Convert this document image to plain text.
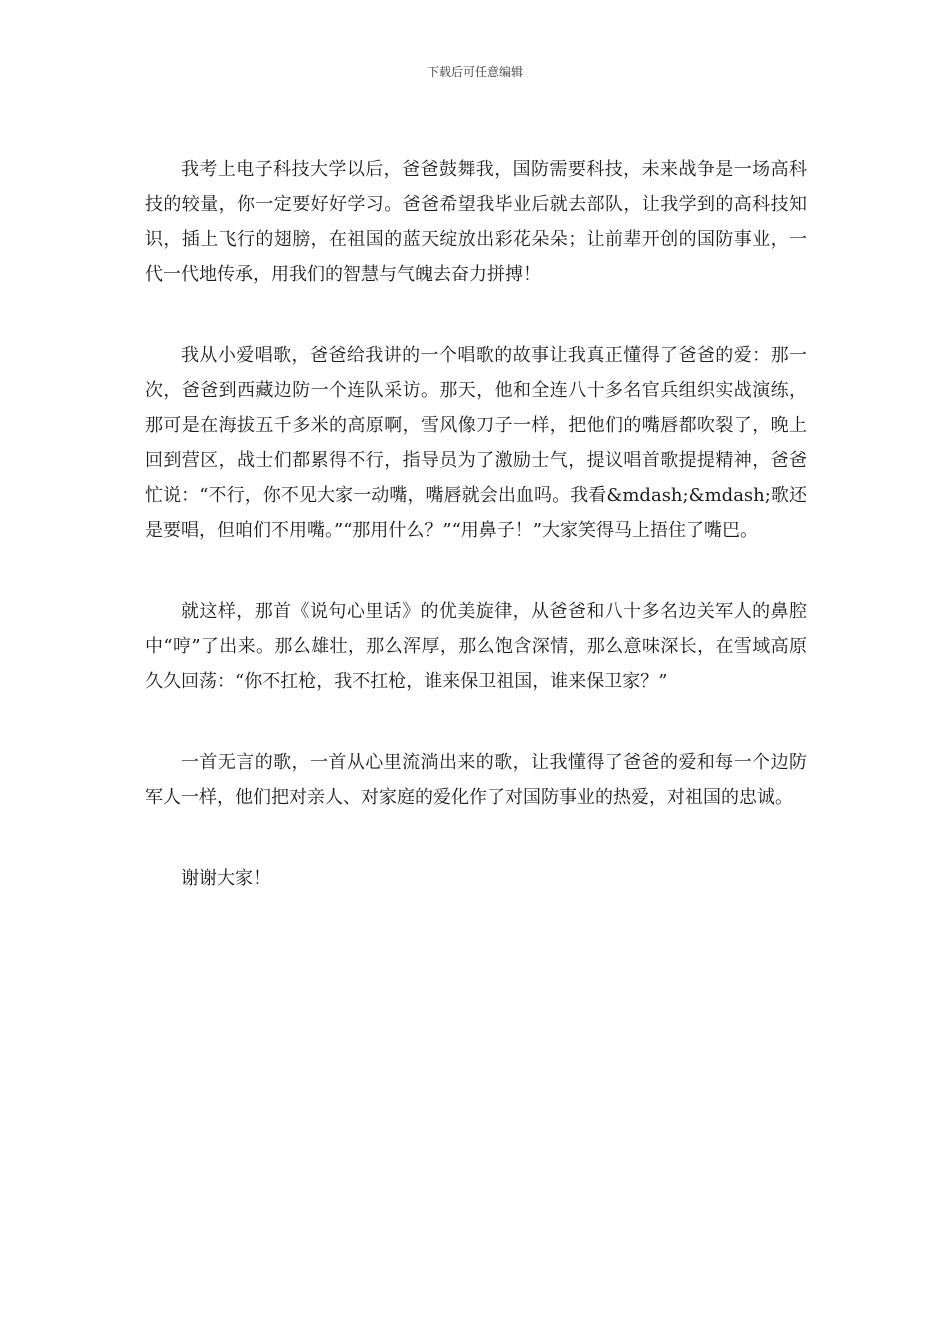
下载后可任意编辑

我考上电子科技大学以后，爸爸鼓舞我，国防需要科技，未来战争是一场高科技的较量，你一定要好好学习。爸爸希望我毕业后就去部队，让我学到的高科技知识，插上飞行的翅膀，在祖国的蓝天绽放出彩花朵朵；让前辈开创的国防事业，一代一代地传承，用我们的智慧与气魄去奋力拼搏！

我从小爱唱歌，爸爸给我讲的一个唱歌的故事让我真正懂得了爸爸的爱：那一次，爸爸到西藏边防一个连队采访。那天，他和全连八十多名官兵组织实战演练，那可是在海拔五千多米的高原啊，雪风像刀子一样，把他们的嘴唇都吹裂了，晚上回到营区，战士们都累得不行，指导员为了激励士气，提议唱首歌提提精神，爸爸忙说：“不行，你不见大家一动嘴，嘴唇就会出血吗。我看&mdash;&mdash;歌还是要唱，但咱们不用嘴。”“那用什么？”“用鼻子！”大家笑得马上捂住了嘴巴。

就这样，那首《说句心里话》的优美旋律，从爸爸和八十多名边关军人的鼻腔中“哼”了出来。那么雄壮，那么浑厚，那么饱含深情，那么意味深长，在雪域高原久久回荡：“你不扛枪，我不扛枪，谁来保卫祖国，谁来保卫家？”

一首无言的歌，一首从心里流淌出来的歌，让我懂得了爸爸的爱和每一个边防军人一样，他们把对亲人、对家庭的爱化作了对国防事业的热爱，对祖国的忠诚。

谢谢大家！
